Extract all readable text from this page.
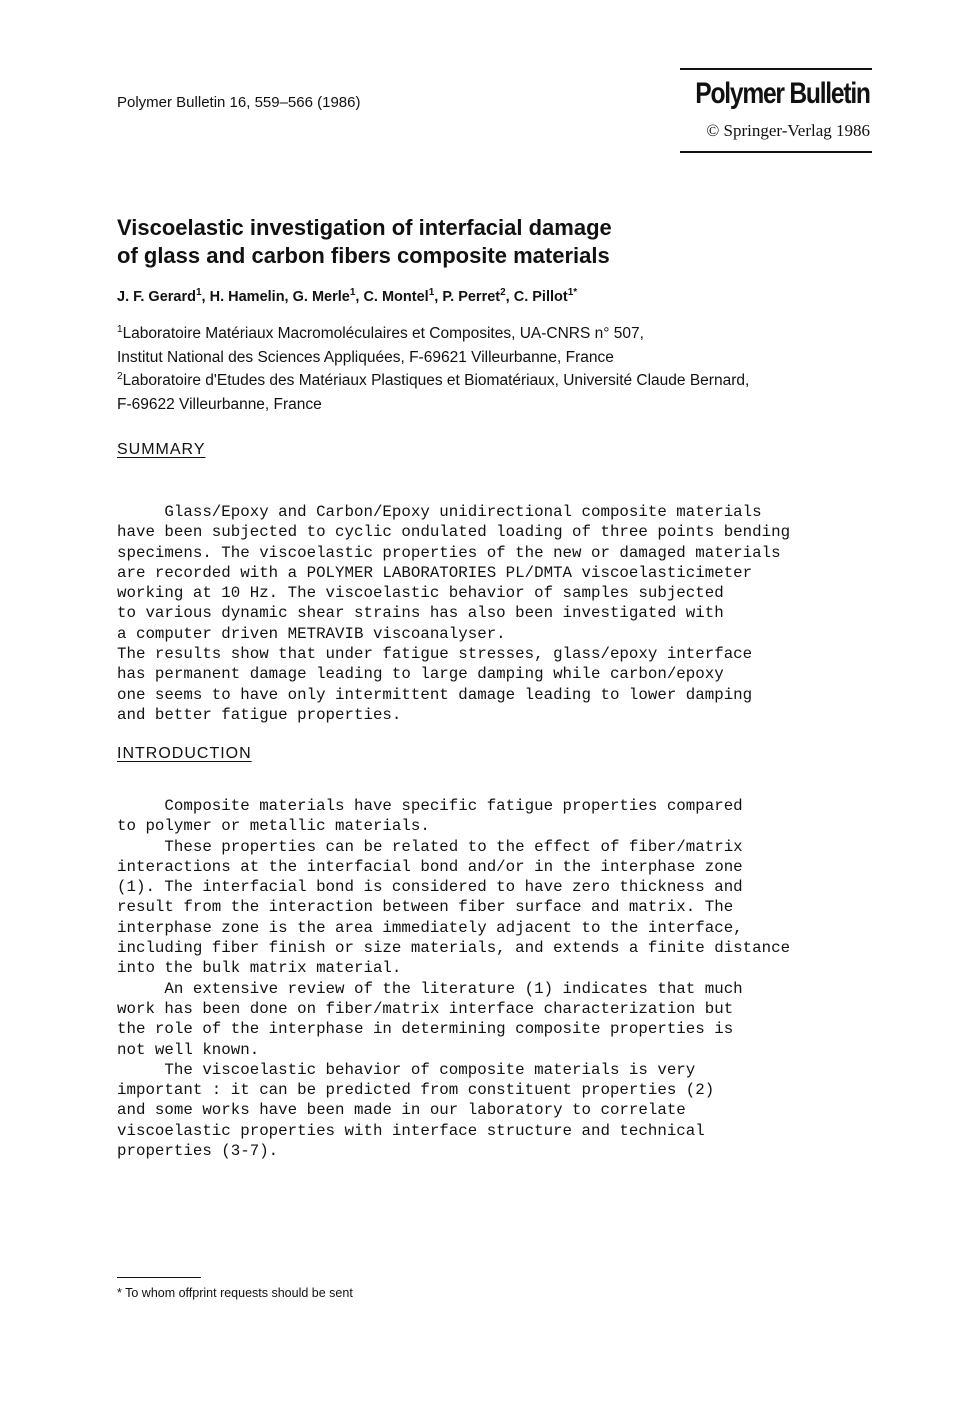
Polymer Bulletin 16, 559–566 (1986)	Polymer Bulletin
© Springer-Verlag 1986
Viscoelastic investigation of interfacial damage
of glass and carbon fibers composite materials
J. F. Gerard$^1$, H. Hamelin, G. Merle$^1$, C. Montel$^1$, P. Perret$^2$, C. Pillot$^{1*}$
$^1$Laboratoire Matériaux Macromoléculaires et Composites, UA-CNRS n° 507,
Institut National des Sciences Appliquées, F-69621 Villeurbanne, France
$^2$Laboratoire d'Etudes des Matériaux Plastiques et Biomatériaux, Université Claude Bernard,
F-69622 Villeurbanne, France
SUMMARY
Glass/Epoxy and Carbon/Epoxy unidirectional composite materials
have been subjected to cyclic ondulated loading of three points bending
specimens. The viscoelastic properties of the new or damaged materials
are recorded with a POLYMER LABORATORIES PL/DMTA viscoelasticimeter
working at 10 Hz. The viscoelastic behavior of samples subjected
to various dynamic shear strains has also been investigated with
a computer driven METRAVIB viscoanalyser.
The results show that under fatigue stresses, glass/epoxy interface
has permanent damage leading to large damping while carbon/epoxy
one seems to have only intermittent damage leading to lower damping
and better fatigue properties.
INTRODUCTION
Composite materials have specific fatigue properties compared
to polymer or metallic materials.
These properties can be related to the effect of fiber/matrix
interactions at the interfacial bond and/or in the interphase zone
(1). The interfacial bond is considered to have zero thickness and
result from the interaction between fiber surface and matrix. The
interphase zone is the area immediately adjacent to the interface,
including fiber finish or size materials, and extends a finite distance
into the bulk matrix material.
An extensive review of the literature (1) indicates that much
work has been done on fiber/matrix interface characterization but
the role of the interphase in determining composite properties is
not well known.
The viscoelastic behavior of composite materials is very
important : it can be predicted from constituent properties (2)
and some works have been made in our laboratory to correlate
viscoelastic properties with interface structure and technical
properties (3-7).
* To whom offprint requests should be sent
